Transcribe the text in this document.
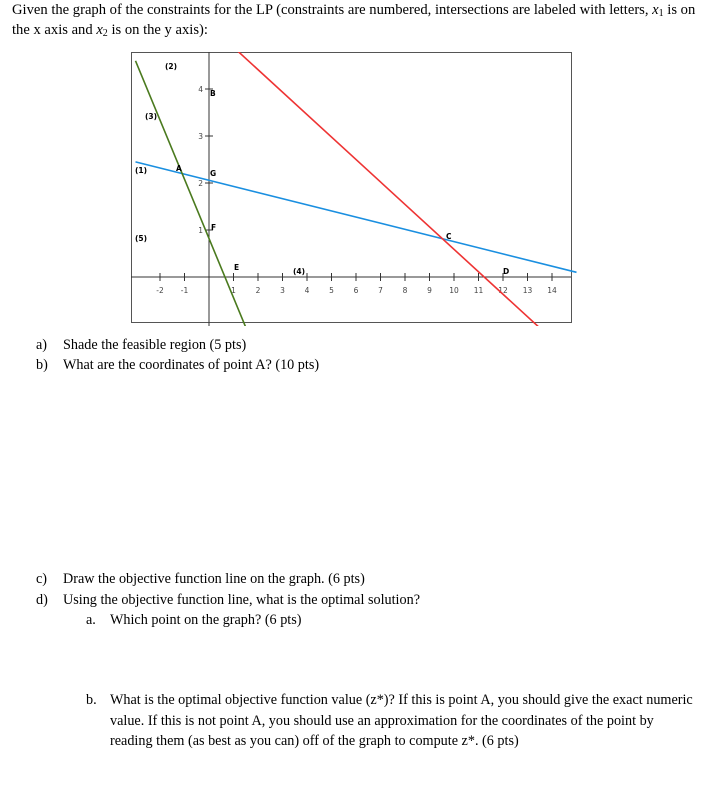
Given the graph of the constraints for the LP (constraints are numbered, intersections are labeled with letters, $x_1$ is on the x axis and $x_2$ is on the y axis):

-2 -1	1	2	3	4	5	6	7	8	9 10 11 12 13 14
1
2
3
4
(1)
(2)
(3)
(4)
(5)
A
B
C
D
E
F
G

a) Shade the feasible region (5 pts)

b) What are the coordinates of point A? (10 pts)

c) Draw the objective function line on the graph. (6 pts)

d) Using the objective function line, what is the optimal solution?

a. Which point on the graph? (6 pts)

b. What is the optimal objective function value (z*)? If this is point A, you should give the exact numeric value. If this is not point A, you should use an approximation for the coordinates of the point by reading them (as best as you can) off of the graph to compute z*. (6 pts)
